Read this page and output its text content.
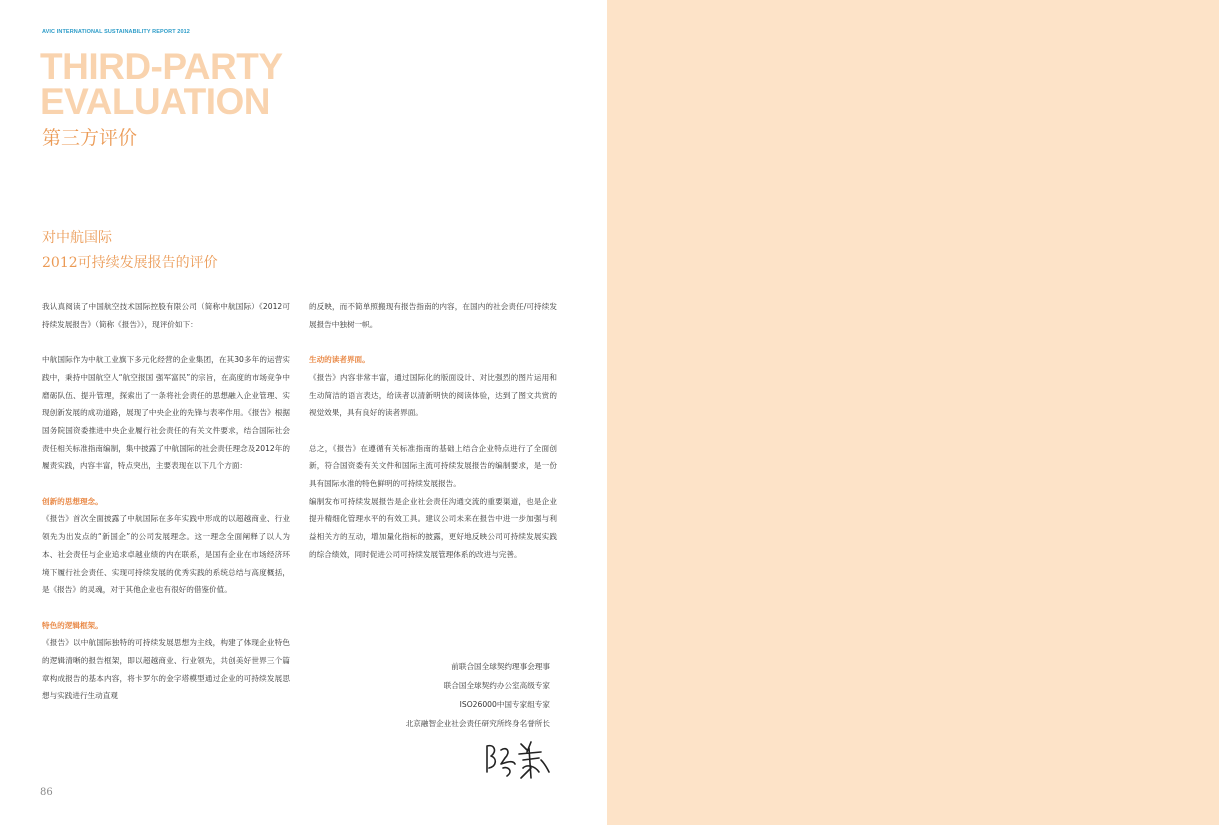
AVIC INTERNATIONAL SUSTAINABILITY REPORT 2012
THIRD-PARTY
EVALUATION
第三方评价
对中航国际
2012可持续发展报告的评价

我认真阅读了中国航空技术国际控股有限公司（简称中航国际）《2012可持续发展报告》（简称《报告》），现评价如下：

中航国际作为中航工业旗下多元化经营的企业集团，在其30多年的运营实践中，秉持中国航空人“航空报国 强军富民”的宗旨，在高度的市场竞争中磨砺队伍、提升管理，探索出了一条将社会责任的思想融入企业管理、实现创新发展的成功道路，展现了中央企业的先锋与表率作用。《报告》根据国务院国资委推进中央企业履行社会责任的有关文件要求，结合国际社会责任相关标准指南编制，集中披露了中航国际的社会责任理念及2012年的履责实践，内容丰富，特点突出，主要表现在以下几个方面：

创新的思想理念。

《报告》首次全面披露了中航国际在多年实践中形成的以超越商业、行业领先为出发点的“新国企”的公司发展理念。这一理念全面阐释了以人为本、社会责任与企业追求卓越业绩的内在联系，是国有企业在市场经济环境下履行社会责任、实现可持续发展的优秀实践的系统总结与高度概括，是《报告》的灵魂，对于其他企业也有很好的借鉴价值。

特色的逻辑框架。

《报告》以中航国际独特的可持续发展思想为主线，构建了体现企业特色的逻辑清晰的报告框架，即以超越商业、行业领先，共创美好世界三个篇章构成报告的基本内容，将卡罗尔的金字塔模型通过企业的可持续发展思想与实践进行生动直观

的反映，而不简单照搬现有报告指南的内容，在国内的社会责任/可持续发展报告中独树一帜。

生动的读者界面。

《报告》内容非常丰富，通过国际化的版面设计、对比强烈的图片运用和生动简洁的语言表达，给读者以清新明快的阅读体验，达到了图文共赏的视觉效果，具有良好的读者界面。

总之，《报告》在遵循有关标准指南的基础上结合企业特点进行了全面创新，符合国资委有关文件和国际主流可持续发展报告的编制要求，是一份具有国际水准的特色鲜明的可持续发展报告。

编制发布可持续发展报告是企业社会责任沟通交流的重要渠道，也是企业提升精细化管理水平的有效工具。建议公司未来在报告中进一步加强与利益相关方的互动，增加量化指标的披露，更好地反映公司可持续发展实践的综合绩效，同时促进公司可持续发展管理体系的改进与完善。

前联合国全球契约理事会理事
联合国全球契约办公室高级专家
ISO26000中国专家组专家
北京融智企业社会责任研究所终身名誉所长
86
